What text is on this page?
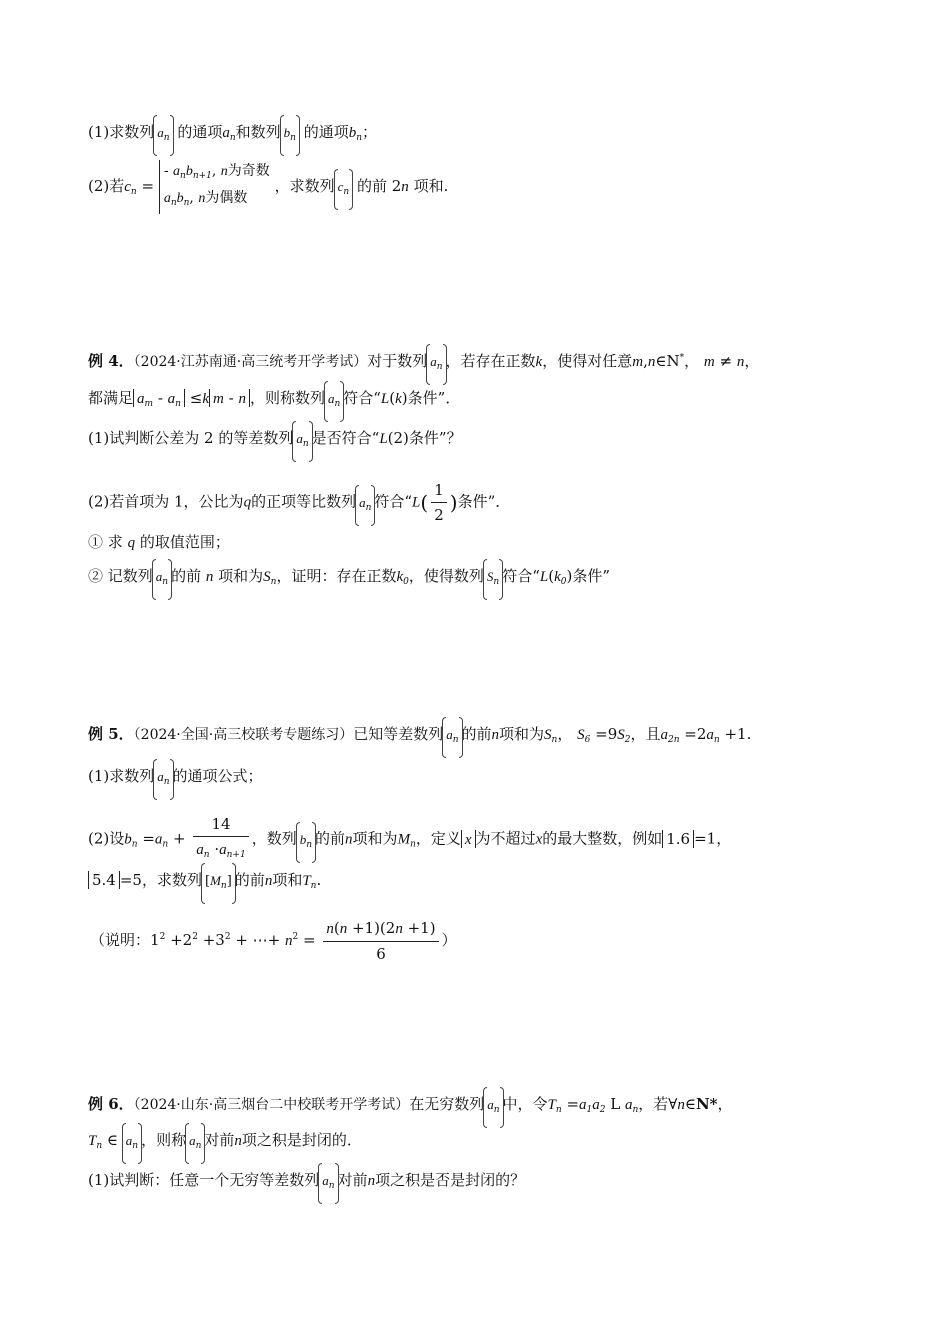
(1)求数列 $a_n$ 的通项$a_n$和数列 $b_n$ 的通项$b_n$；
(2)若$c_n$ = - $a_nb_{n+1}$, n为奇数
$a_nb_n$, n为偶数 ，求数列 $c_n$ 的前 2n 项和.
例 4．（2024·江苏南通·高三统考开学考试）对于数列 $a_n$ ，若存在正数k，使得对任意m,n∈N*， m ≠ n，
都满足 $a_m - a_n \le k$ m - n ，则称数列 $a_n$ 符合“L(k)条件”．
(1)试判断公差为 2 的等差数列 $a_n$ 是否符合“L(2)条件”？
(2)若首项为 1，公比为q的正项等比数列 $a_n$ 符合“$L( \frac{1}{2}$ )条件”．
① 求 q 的取值范围；
② 记数列 $a_n$ 的前 n 项和为$S_n$，证明：存在正数$k_0$，使得数列 $S_n$ 符合“$L(k_0)$条件”
例 5．（2024·全国·高三校联考专题练习）已知等差数列 $a_n$ 的前n项和为$S_n$， $S_6 =9S_2$，且$a_{2n} =2a_n +1$.
(1)求数列 $a_n$ 的通项公式；
(2)设$b_n =a_n + \frac{14}{a_n \cdot a_{n+1}}$ ，数列 $b_n$ 的前n项和为$M_n$，定义 x 为不超过x的最大整数，例如 1.6 =1，
5.4 =5，求数列 $[M_n]$ 的前n项和$T_n$.
（说明：$1^2 +2^2 +3^2$ + ⋯+ $n^2 = \frac{n(n +1)(2n +1)}{6}$ ）
例 6．（2024·山东·高三烟台二中校联考开学考试）在无穷数列 $a_n$ 中，令$T_n =a_1a_2$ L $a_n$，若∀n∈N*，
$T_n$ ∈ $a_n$ ，则称 $a_n$ 对前n项之积是封闭的．
(1)试判断：任意一个无穷等差数列 $a_n$ 对前n项之积是否是封闭的？
